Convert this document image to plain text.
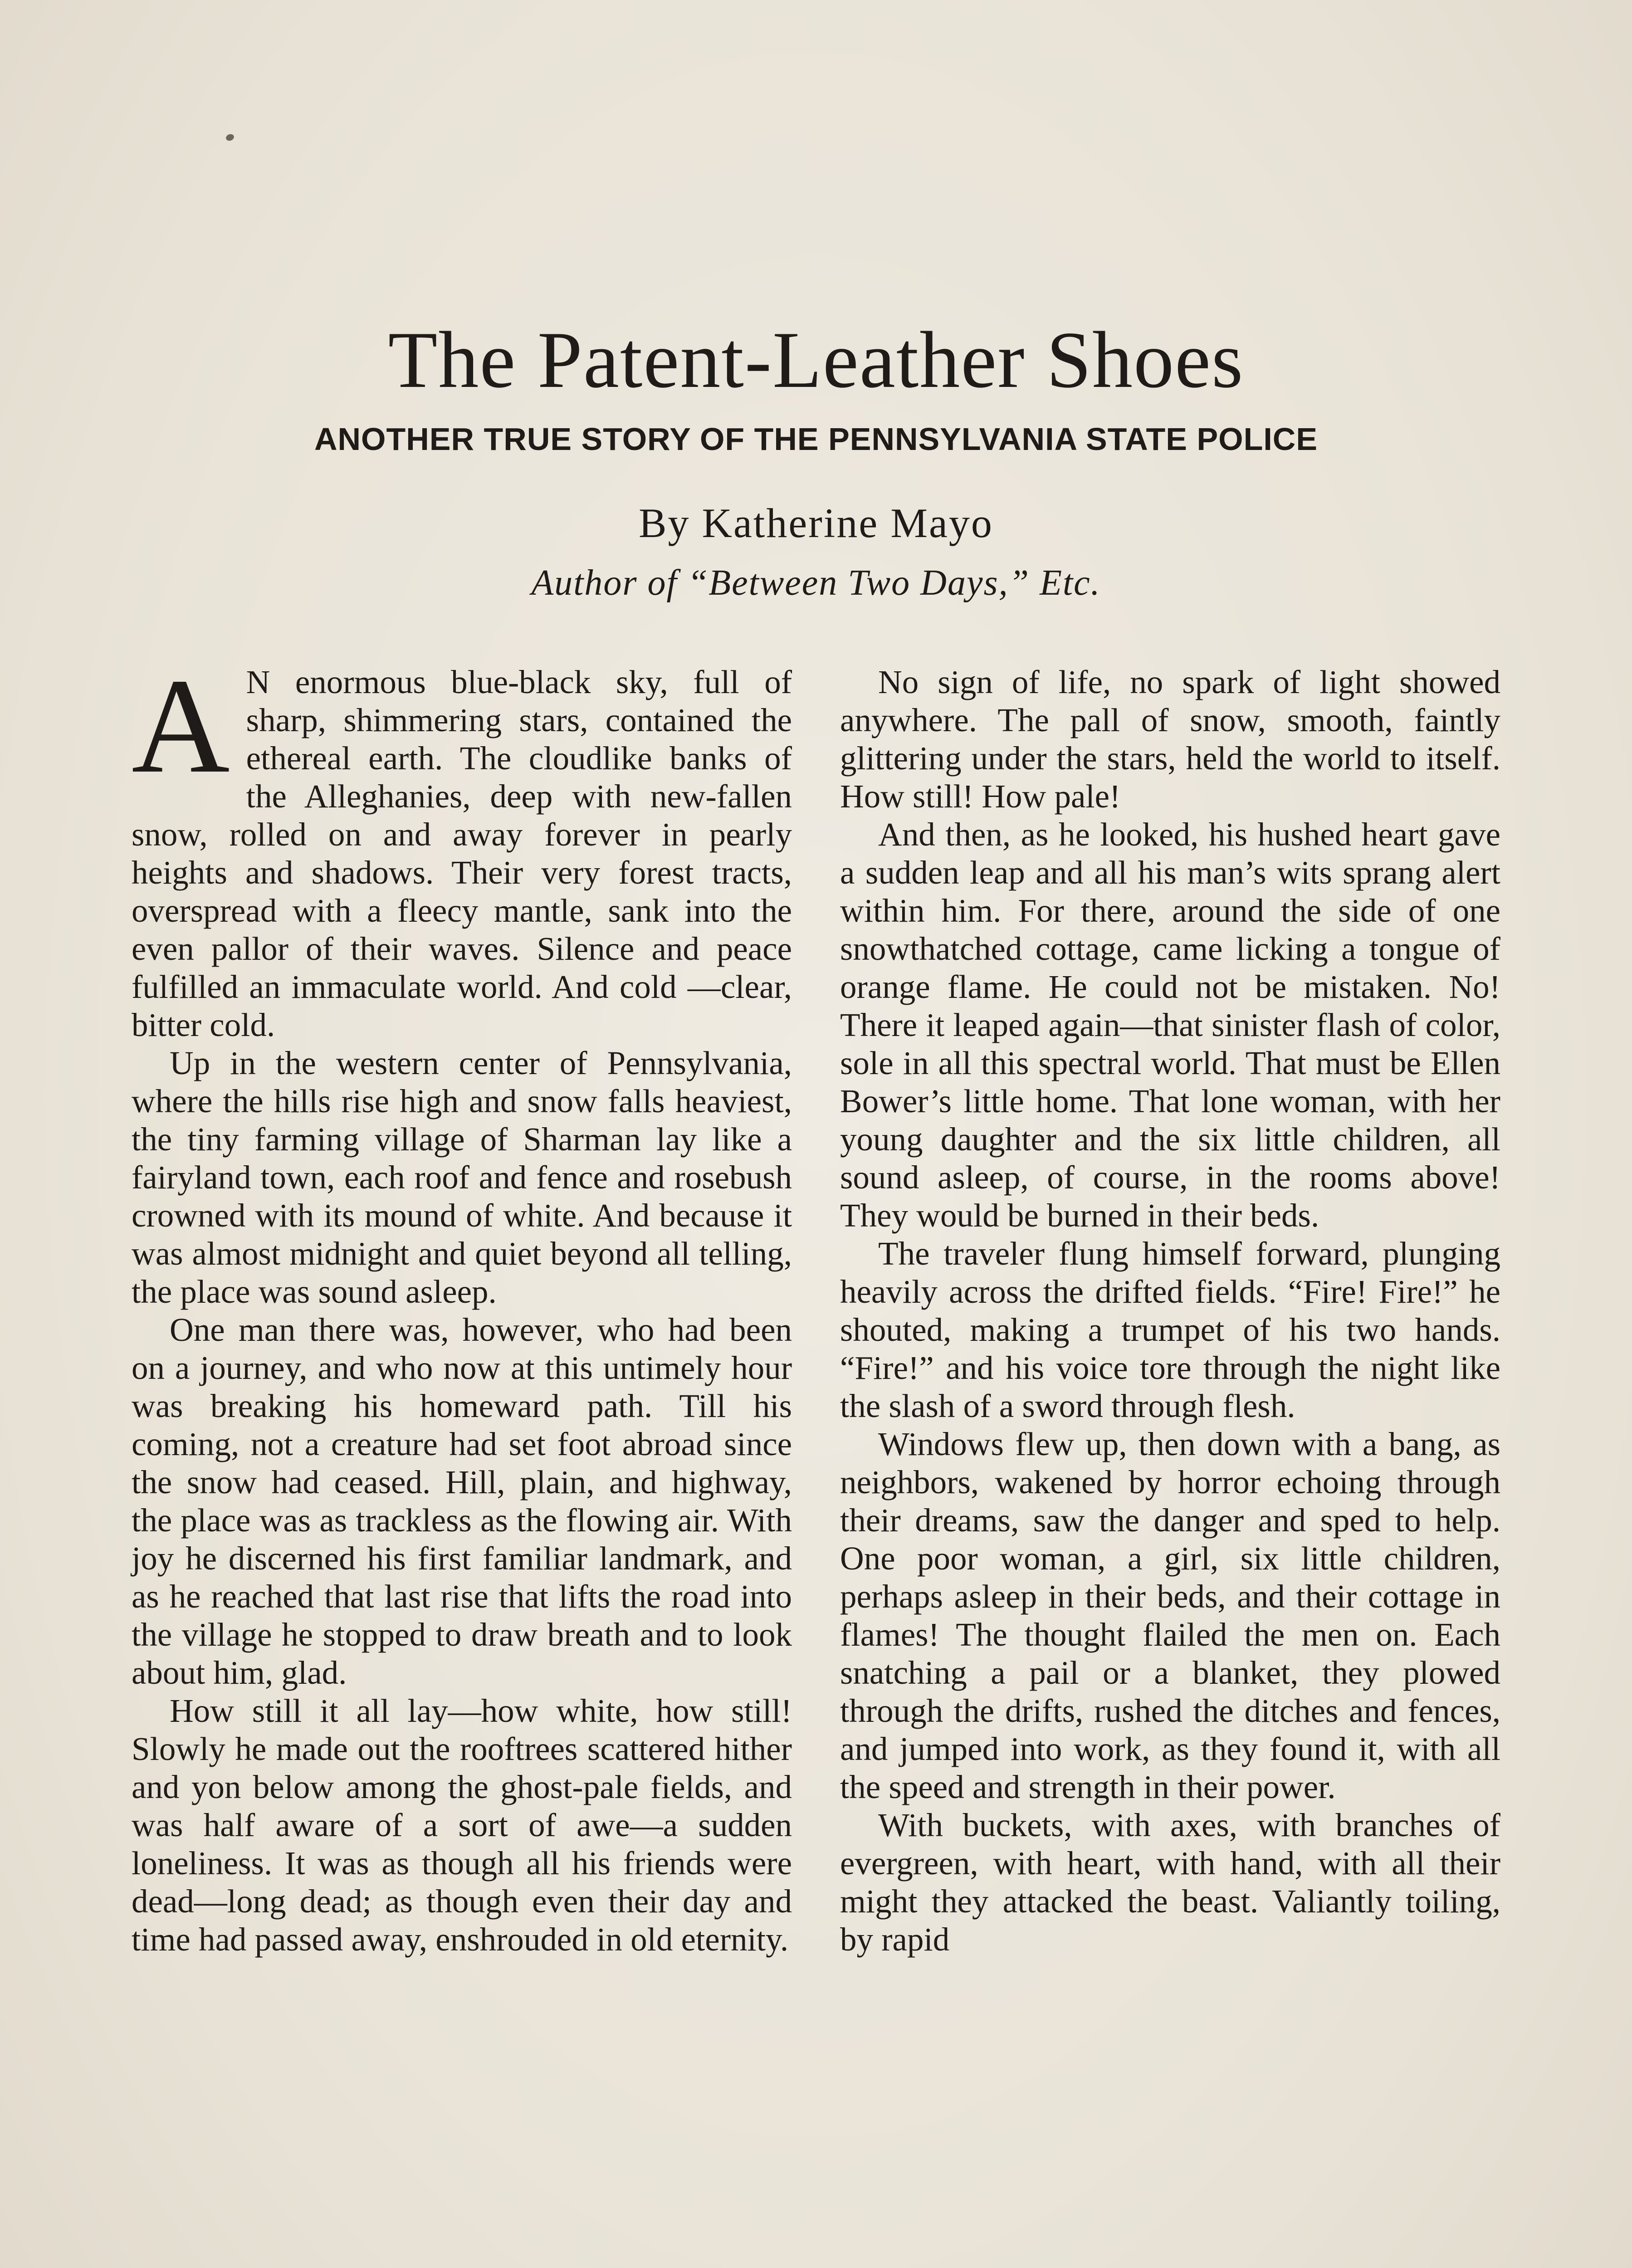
The Patent-Leather Shoes
ANOTHER TRUE STORY OF THE PENNSYLVANIA STATE POLICE
By Katherine Mayo
Author of “Between Two Days,” Etc.

A N enormous blue-black sky, full of sharp, shimmering stars, contained the ethereal earth. The cloudlike banks of the Alleghanies, deep with new-fallen snow, rolled on and away forever in pearly heights and shadows. Their very forest tracts, overspread with a fleecy mantle, sank into the even pallor of their waves. Silence and peace fulfilled an immaculate world. And cold —clear, bitter cold.

Up in the western center of Pennsylvania, where the hills rise high and snow falls heaviest, the tiny farming village of Sharman lay like a fairyland town, each roof and fence and rosebush crowned with its mound of white. And because it was almost midnight and quiet beyond all telling, the place was sound asleep.

One man there was, however, who had been on a journey, and who now at this untimely hour was breaking his homeward path. Till his coming, not a creature had set foot abroad since the snow had ceased. Hill, plain, and highway, the place was as trackless as the flowing air. With joy he discerned his first familiar landmark, and as he reached that last rise that lifts the road into the village he stopped to draw breath and to look about him, glad.

How still it all lay—how white, how still! Slowly he made out the rooftrees scattered hither and yon below among the ghost-pale fields, and was half aware of a sort of awe—a sudden loneliness. It was as though all his friends were dead—long dead; as though even their day and time had passed away, enshrouded in old eternity.

No sign of life, no spark of light showed anywhere. The pall of snow, smooth, faintly glittering under the stars, held the world to itself. How still! How pale!

And then, as he looked, his hushed heart gave a sudden leap and all his man’s wits sprang alert within him. For there, around the side of one snowthatched cottage, came licking a tongue of orange flame. He could not be mistaken. No! There it leaped again—that sinister flash of color, sole in all this spectral world. That must be Ellen Bower’s little home. That lone woman, with her young daughter and the six little children, all sound asleep, of course, in the rooms above! They would be burned in their beds.

The traveler flung himself forward, plunging heavily across the drifted fields. “Fire! Fire!” he shouted, making a trumpet of his two hands. “Fire!” and his voice tore through the night like the slash of a sword through flesh.

Windows flew up, then down with a bang, as neighbors, wakened by horror echoing through their dreams, saw the danger and sped to help. One poor woman, a girl, six little children, perhaps asleep in their beds, and their cottage in flames! The thought flailed the men on. Each snatching a pail or a blanket, they plowed through the drifts, rushed the ditches and fences, and jumped into work, as they found it, with all the speed and strength in their power.

With buckets, with axes, with branches of evergreen, with heart, with hand, with all their might they attacked the beast. Valiantly toiling, by rapid
